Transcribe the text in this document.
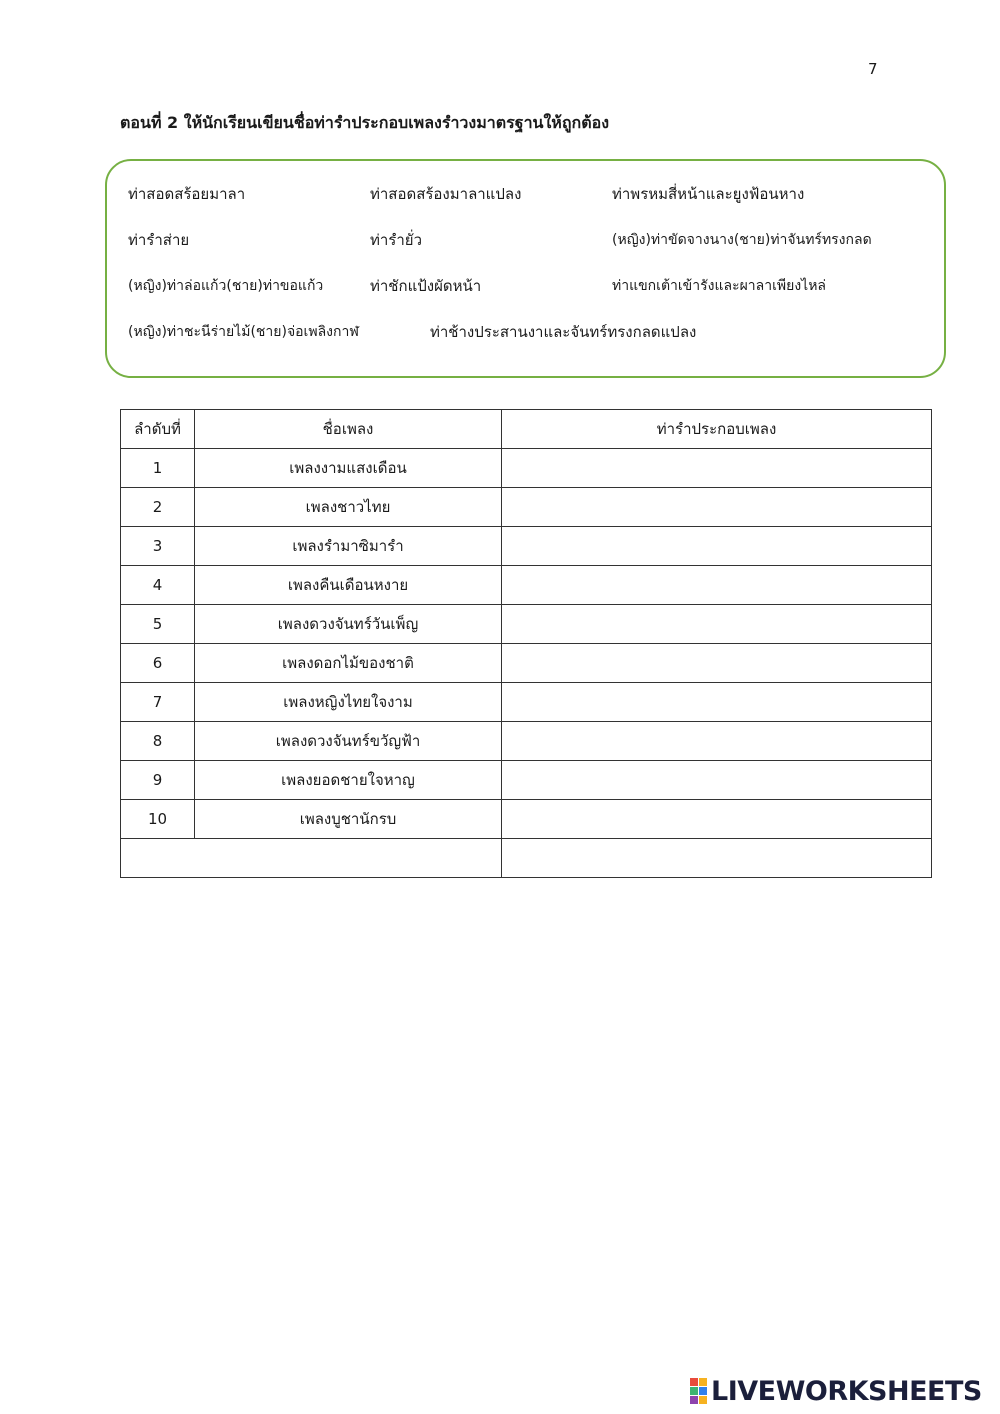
7
ตอนที่ 2 ให้นักเรียนเขียนชื่อท่ารำประกอบเพลงรำวงมาตรฐานให้ถูกต้อง
ท่าสอดสร้อยมาลา	ท่าสอดสร้องมาลาแปลง	ท่าพรหมสี่หน้าและยูงฟ้อนหาง
ท่ารำส่าย	ท่ารำยั่ว	(หญิง)ท่าขัดจางนาง(ชาย)ท่าจันทร์ทรงกลด
(หญิง)ท่าล่อแก้ว(ชาย)ท่าขอแก้ว	ท่าชักแป้งผัดหน้า	ท่าแขกเต้าเข้ารังและผาลาเพียงไหล่
(หญิง)ท่าชะนีร่ายไม้(ชาย)จ่อเพลิงกาฬ	ท่าช้างประสานงาและจันทร์ทรงกลดแปลง
ลำดับที่	ชื่อเพลง	ท่ารำประกอบเพลง
1	เพลงงามแสงเดือน	
2	เพลงชาวไทย	
3	เพลงรำมาซิมารำ	
4	เพลงคืนเดือนหงาย	
5	เพลงดวงจันทร์วันเพ็ญ	
6	เพลงดอกไม้ของชาติ	
7	เพลงหญิงไทยใจงาม	
8	เพลงดวงจันทร์ขวัญฟ้า	
9	เพลงยอดชายใจหาญ	
10	เพลงบูชานักรบ	

LIVEWORKSHEETS
